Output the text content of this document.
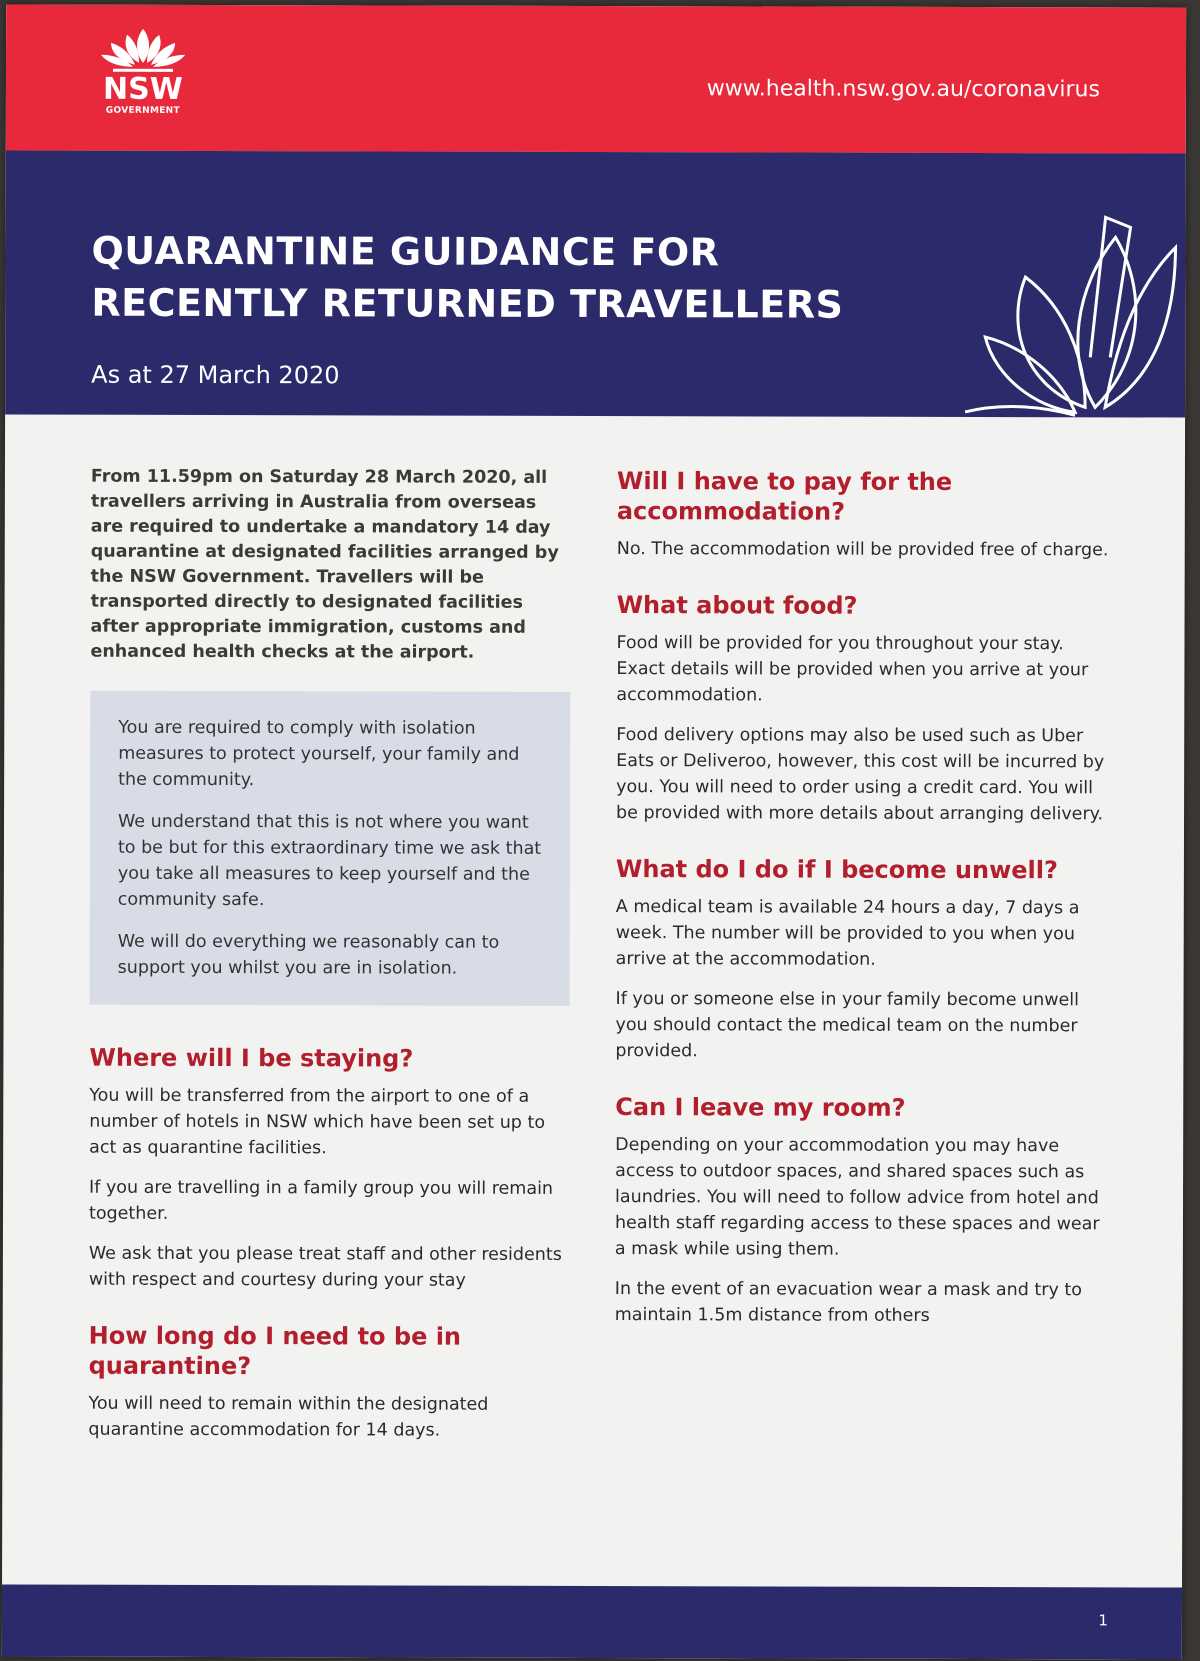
NSW
GOVERNMENT
www.health.nsw.gov.au/coronavirus
QUARANTINE GUIDANCE FOR
RECENTLY RETURNED TRAVELLERS
As at 27 March 2020

From 11.59pm on Saturday 28 March 2020, all travellers arriving in Australia from overseas are required to undertake a mandatory 14 day quarantine at designated facilities arranged by the NSW Government. Travellers will be transported directly to designated facilities after appropriate immigration, customs and enhanced health checks at the airport.

You are required to comply with isolation measures to protect yourself, your family and the community.

We understand that this is not where you want to be but for this extraordinary time we ask that you take all measures to keep yourself and the community safe.

We will do everything we reasonably can to support you whilst you are in isolation.

Where will I be staying?

You will be transferred from the airport to one of a number of hotels in NSW which have been set up to act as quarantine facilities.

If you are travelling in a family group you will remain together.

We ask that you please treat staff and other residents with respect and courtesy during your stay

How long do I need to be in quarantine?

You will need to remain within the designated quarantine accommodation for 14 days.

Will I have to pay for the accommodation?

No. The accommodation will be provided free of charge.

What about food?

Food will be provided for you throughout your stay. Exact details will be provided when you arrive at your accommodation.

Food delivery options may also be used such as Uber Eats or Deliveroo, however, this cost will be incurred by you. You will need to order using a credit card. You will be provided with more details about arranging delivery.

What do I do if I become unwell?

A medical team is available 24 hours a day, 7 days a week. The number will be provided to you when you arrive at the accommodation.

If you or someone else in your family become unwell you should contact the medical team on the number provided.

Can I leave my room?

Depending on your accommodation you may have access to outdoor spaces, and shared spaces such as laundries. You will need to follow advice from hotel and health staff regarding access to these spaces and wear a mask while using them.

In the event of an evacuation wear a mask and try to maintain 1.5m distance from others

1
